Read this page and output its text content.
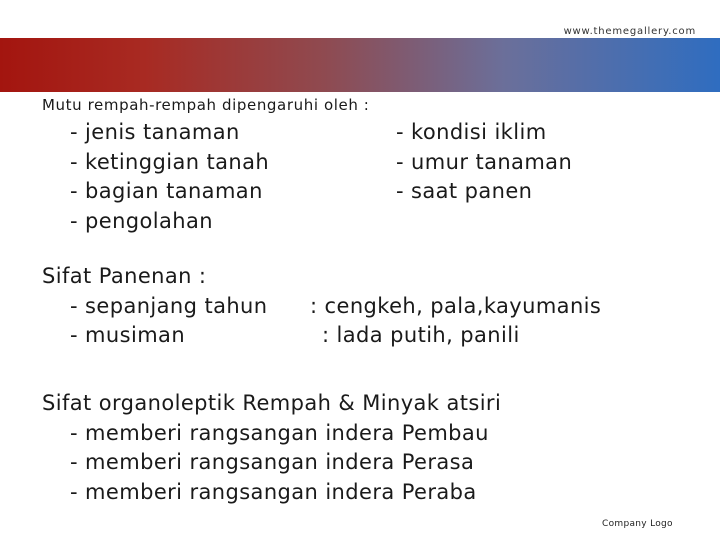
www.themegallery.com
Mutu rempah-rempah dipengaruhi oleh :
- jenis tanaman
- ketinggian tanah
- bagian tanaman
- pengolahan
- kondisi iklim
- umur tanaman
- saat panen
Sifat Panenan :
- sepanjang tahun : cengkeh, pala,kayumanis
- musiman	: lada putih, panili
Sifat organoleptik Rempah & Minyak atsiri
- memberi rangsangan indera Pembau
- memberi rangsangan indera Perasa
- memberi rangsangan indera Peraba
Company Logo
